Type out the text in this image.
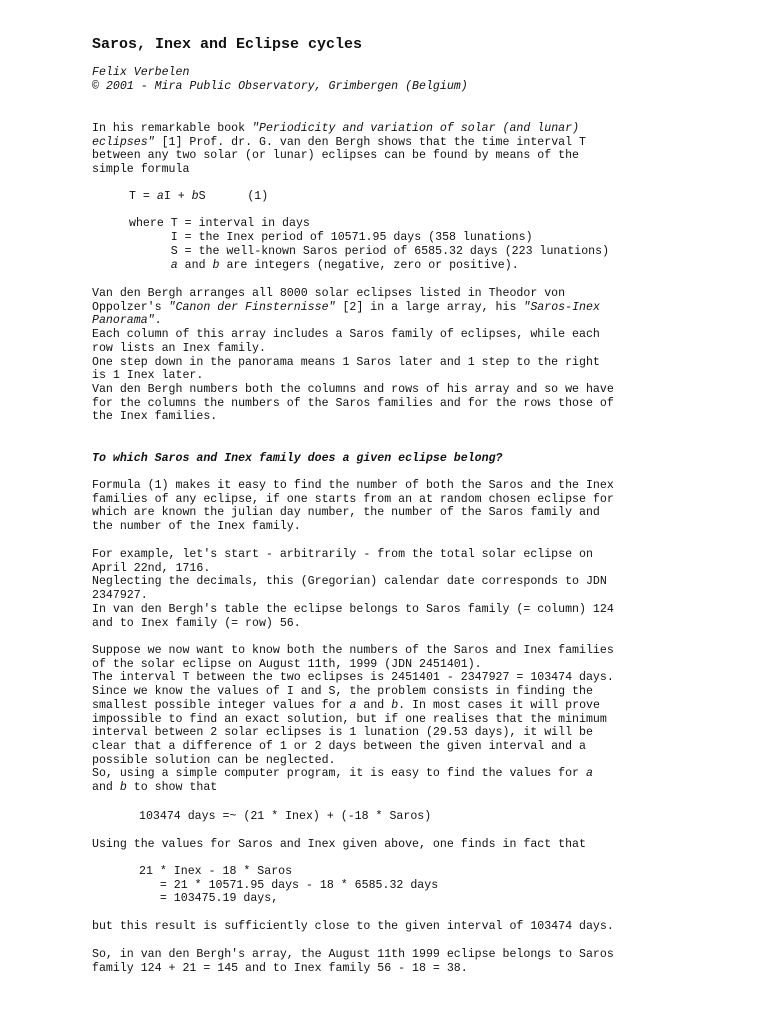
Saros, Inex and Eclipse cycles
Felix Verbelen
© 2001 - Mira Public Observatory, Grimbergen (Belgium)
In his remarkable book "Periodicity and variation of solar (and lunar)
eclipses" [1] Prof. dr. G. van den Bergh shows that the time interval T
between any two solar (or lunar) eclipses can be found by means of the
simple formula
T = aI + bS      (1)

where T = interval in days
I = the Inex period of 10571.95 days (358 lunations)
S = the well-known Saros period of 6585.32 days (223 lunations)
a and b are integers (negative, zero or positive).
Van den Bergh arranges all 8000 solar eclipses listed in Theodor von
Oppolzer's "Canon der Finsternisse" [2] in a large array, his "Saros-Inex
Panorama".
Each column of this array includes a Saros family of eclipses, while each
row lists an Inex family.
One step down in the panorama means 1 Saros later and 1 step to the right
is 1 Inex later.
Van den Bergh numbers both the columns and rows of his array and so we have
for the columns the numbers of the Saros families and for the rows those of
the Inex families.
To which Saros and Inex family does a given eclipse belong?
Formula (1) makes it easy to find the number of both the Saros and the Inex
families of any eclipse, if one starts from an at random chosen eclipse for
which are known the julian day number, the number of the Saros family and
the number of the Inex family.
For example, let's start - arbitrarily - from the total solar eclipse on
April 22nd, 1716.
Neglecting the decimals, this (Gregorian) calendar date corresponds to JDN
2347927.
In van den Bergh's table the eclipse belongs to Saros family (= column) 124
and to Inex family (= row) 56.
Suppose we now want to know both the numbers of the Saros and Inex families
of the solar eclipse on August 11th, 1999 (JDN 2451401).
The interval T between the two eclipses is 2451401 - 2347927 = 103474 days.
Since we know the values of I and S, the problem consists in finding the
smallest possible integer values for a and b. In most cases it will prove
impossible to find an exact solution, but if one realises that the minimum
interval between 2 solar eclipses is 1 lunation (29.53 days), it will be
clear that a difference of 1 or 2 days between the given interval and a
possible solution can be neglected.
So, using a simple computer program, it is easy to find the values for a
and b to show that
103474 days =~ (21 * Inex) + (-18 * Saros)
Using the values for Saros and Inex given above, one finds in fact that
21 * Inex - 18 * Saros
= 21 * 10571.95 days - 18 * 6585.32 days
= 103475.19 days,
but this result is sufficiently close to the given interval of 103474 days.
So, in van den Bergh's array, the August 11th 1999 eclipse belongs to Saros
family 124 + 21 = 145 and to Inex family 56 - 18 = 38.
